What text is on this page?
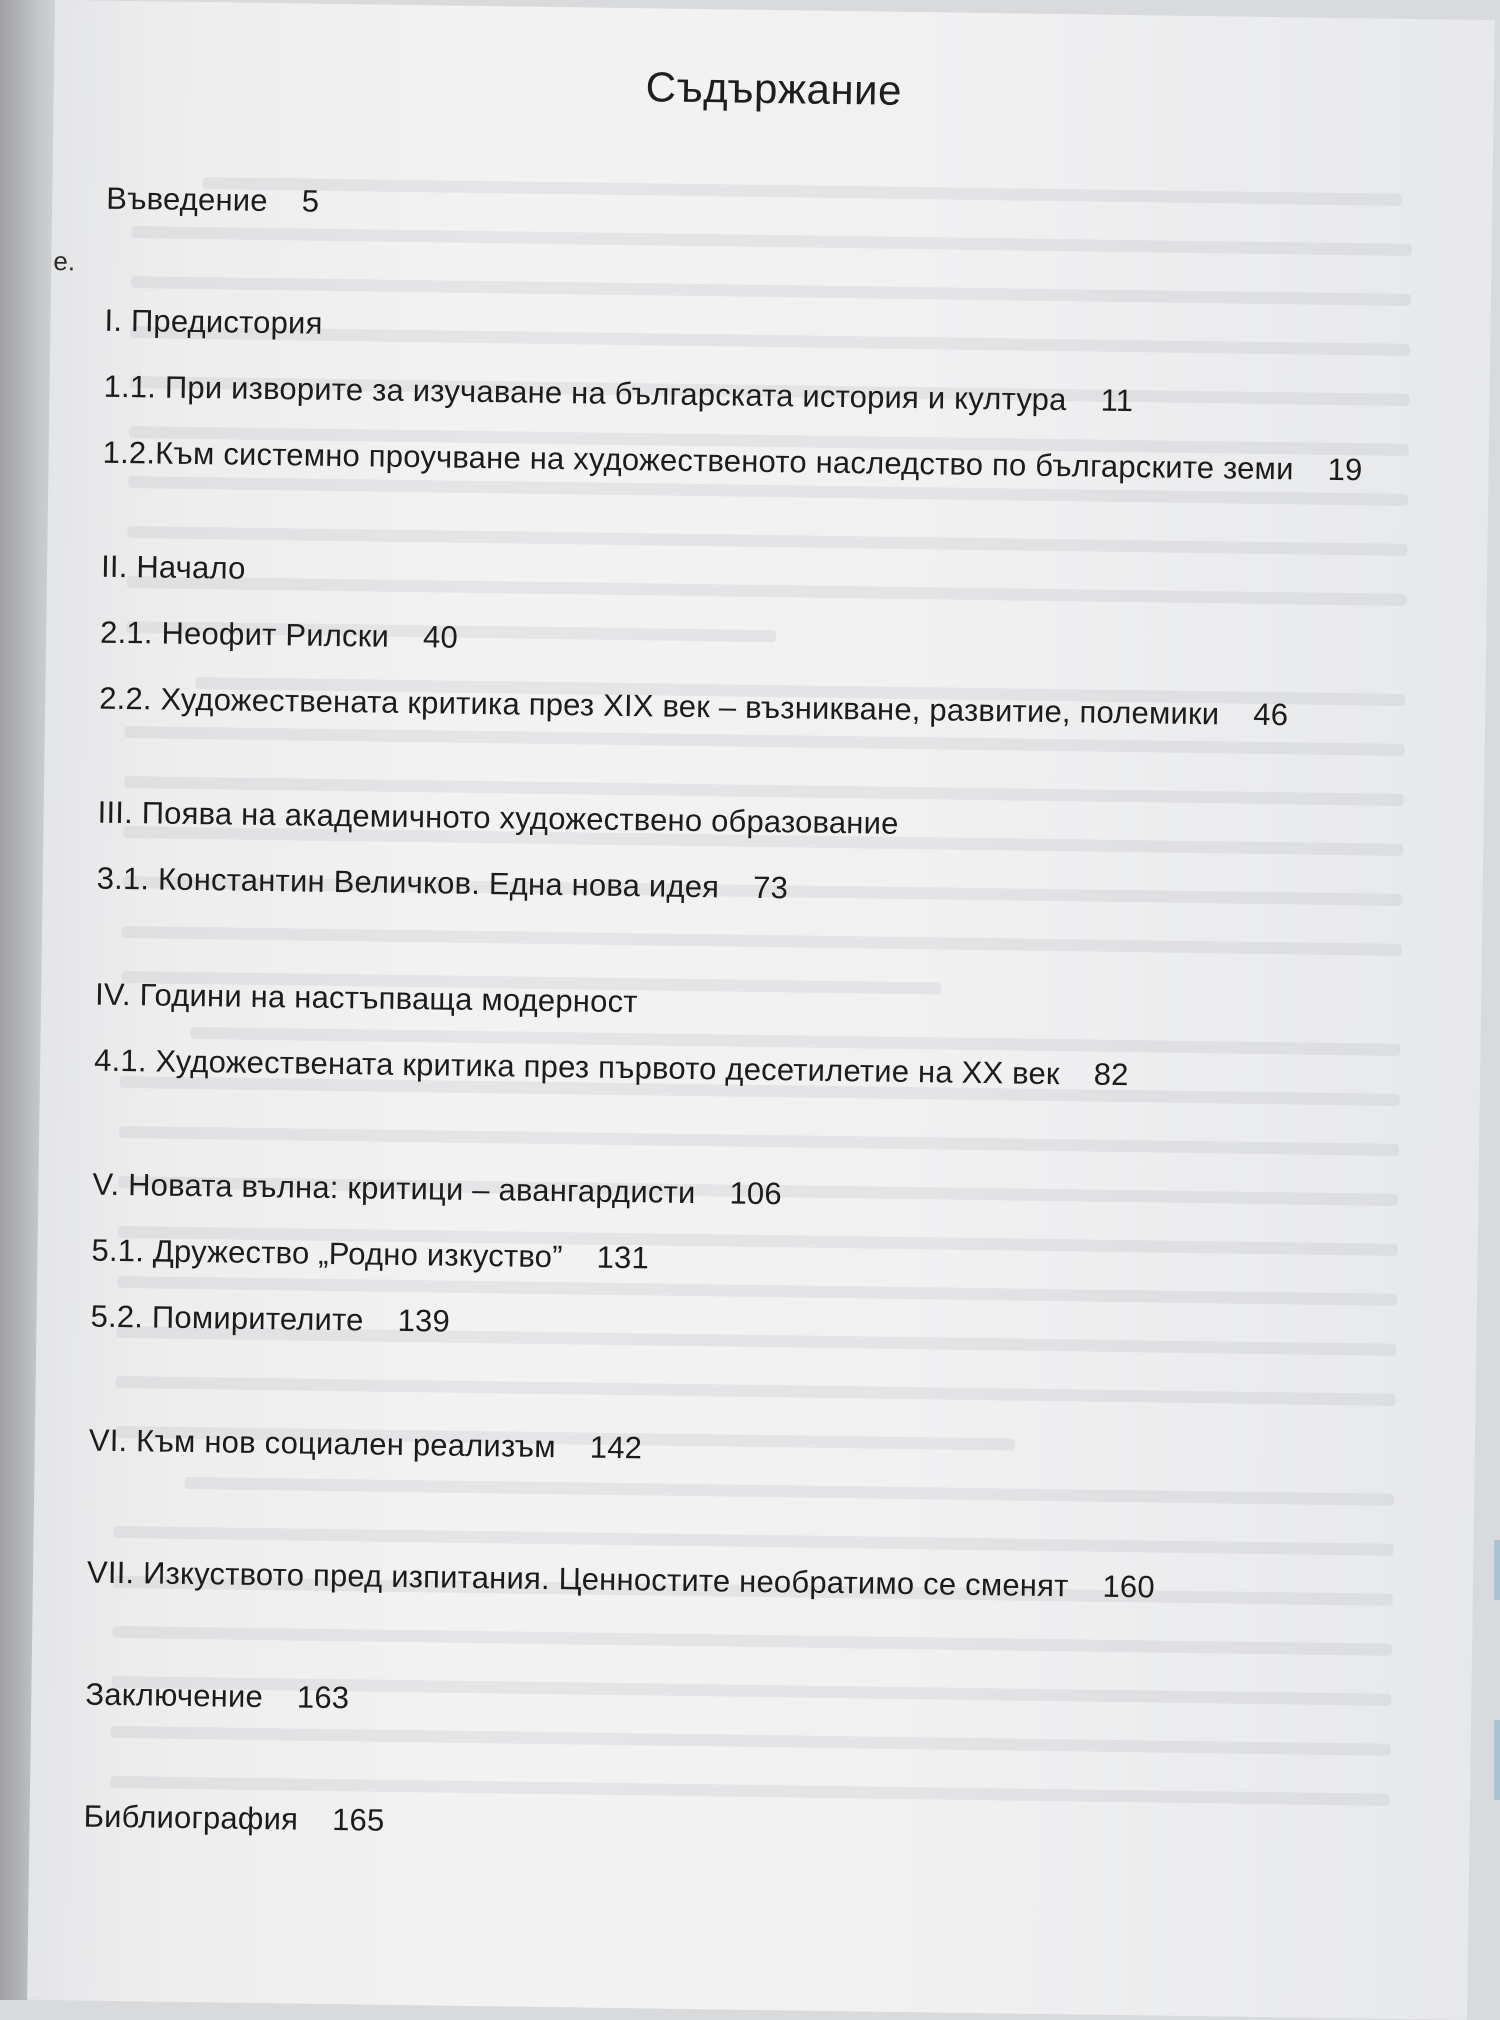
е.
Съдържание
Въведение 5
I. Предистория
1.1. При изворите за изучаване на българската история и култура 11
1.2.Към системно проучване на художественото наследство по българските земи 19
II. Начало
2.1. Неофит Рилски 40
2.2. Художествената критика през XIX век – възникване, развитие, полемики 46
III. Поява на академичното художествено образование
3.1. Константин Величков. Една нова идея 73
IV. Години на настъпваща модерност
4.1. Художествената критика през първото десетилетие на XX век 82
V. Новата вълна: критици – авангардисти 106
5.1. Дружество „Родно изкуство” 131
5.2. Помирителите 139
VI. Към нов социален реализъм 142
VII. Изкуството пред изпитания. Ценностите необратимо се сменят 160
Заключение 163
Библиография 165
